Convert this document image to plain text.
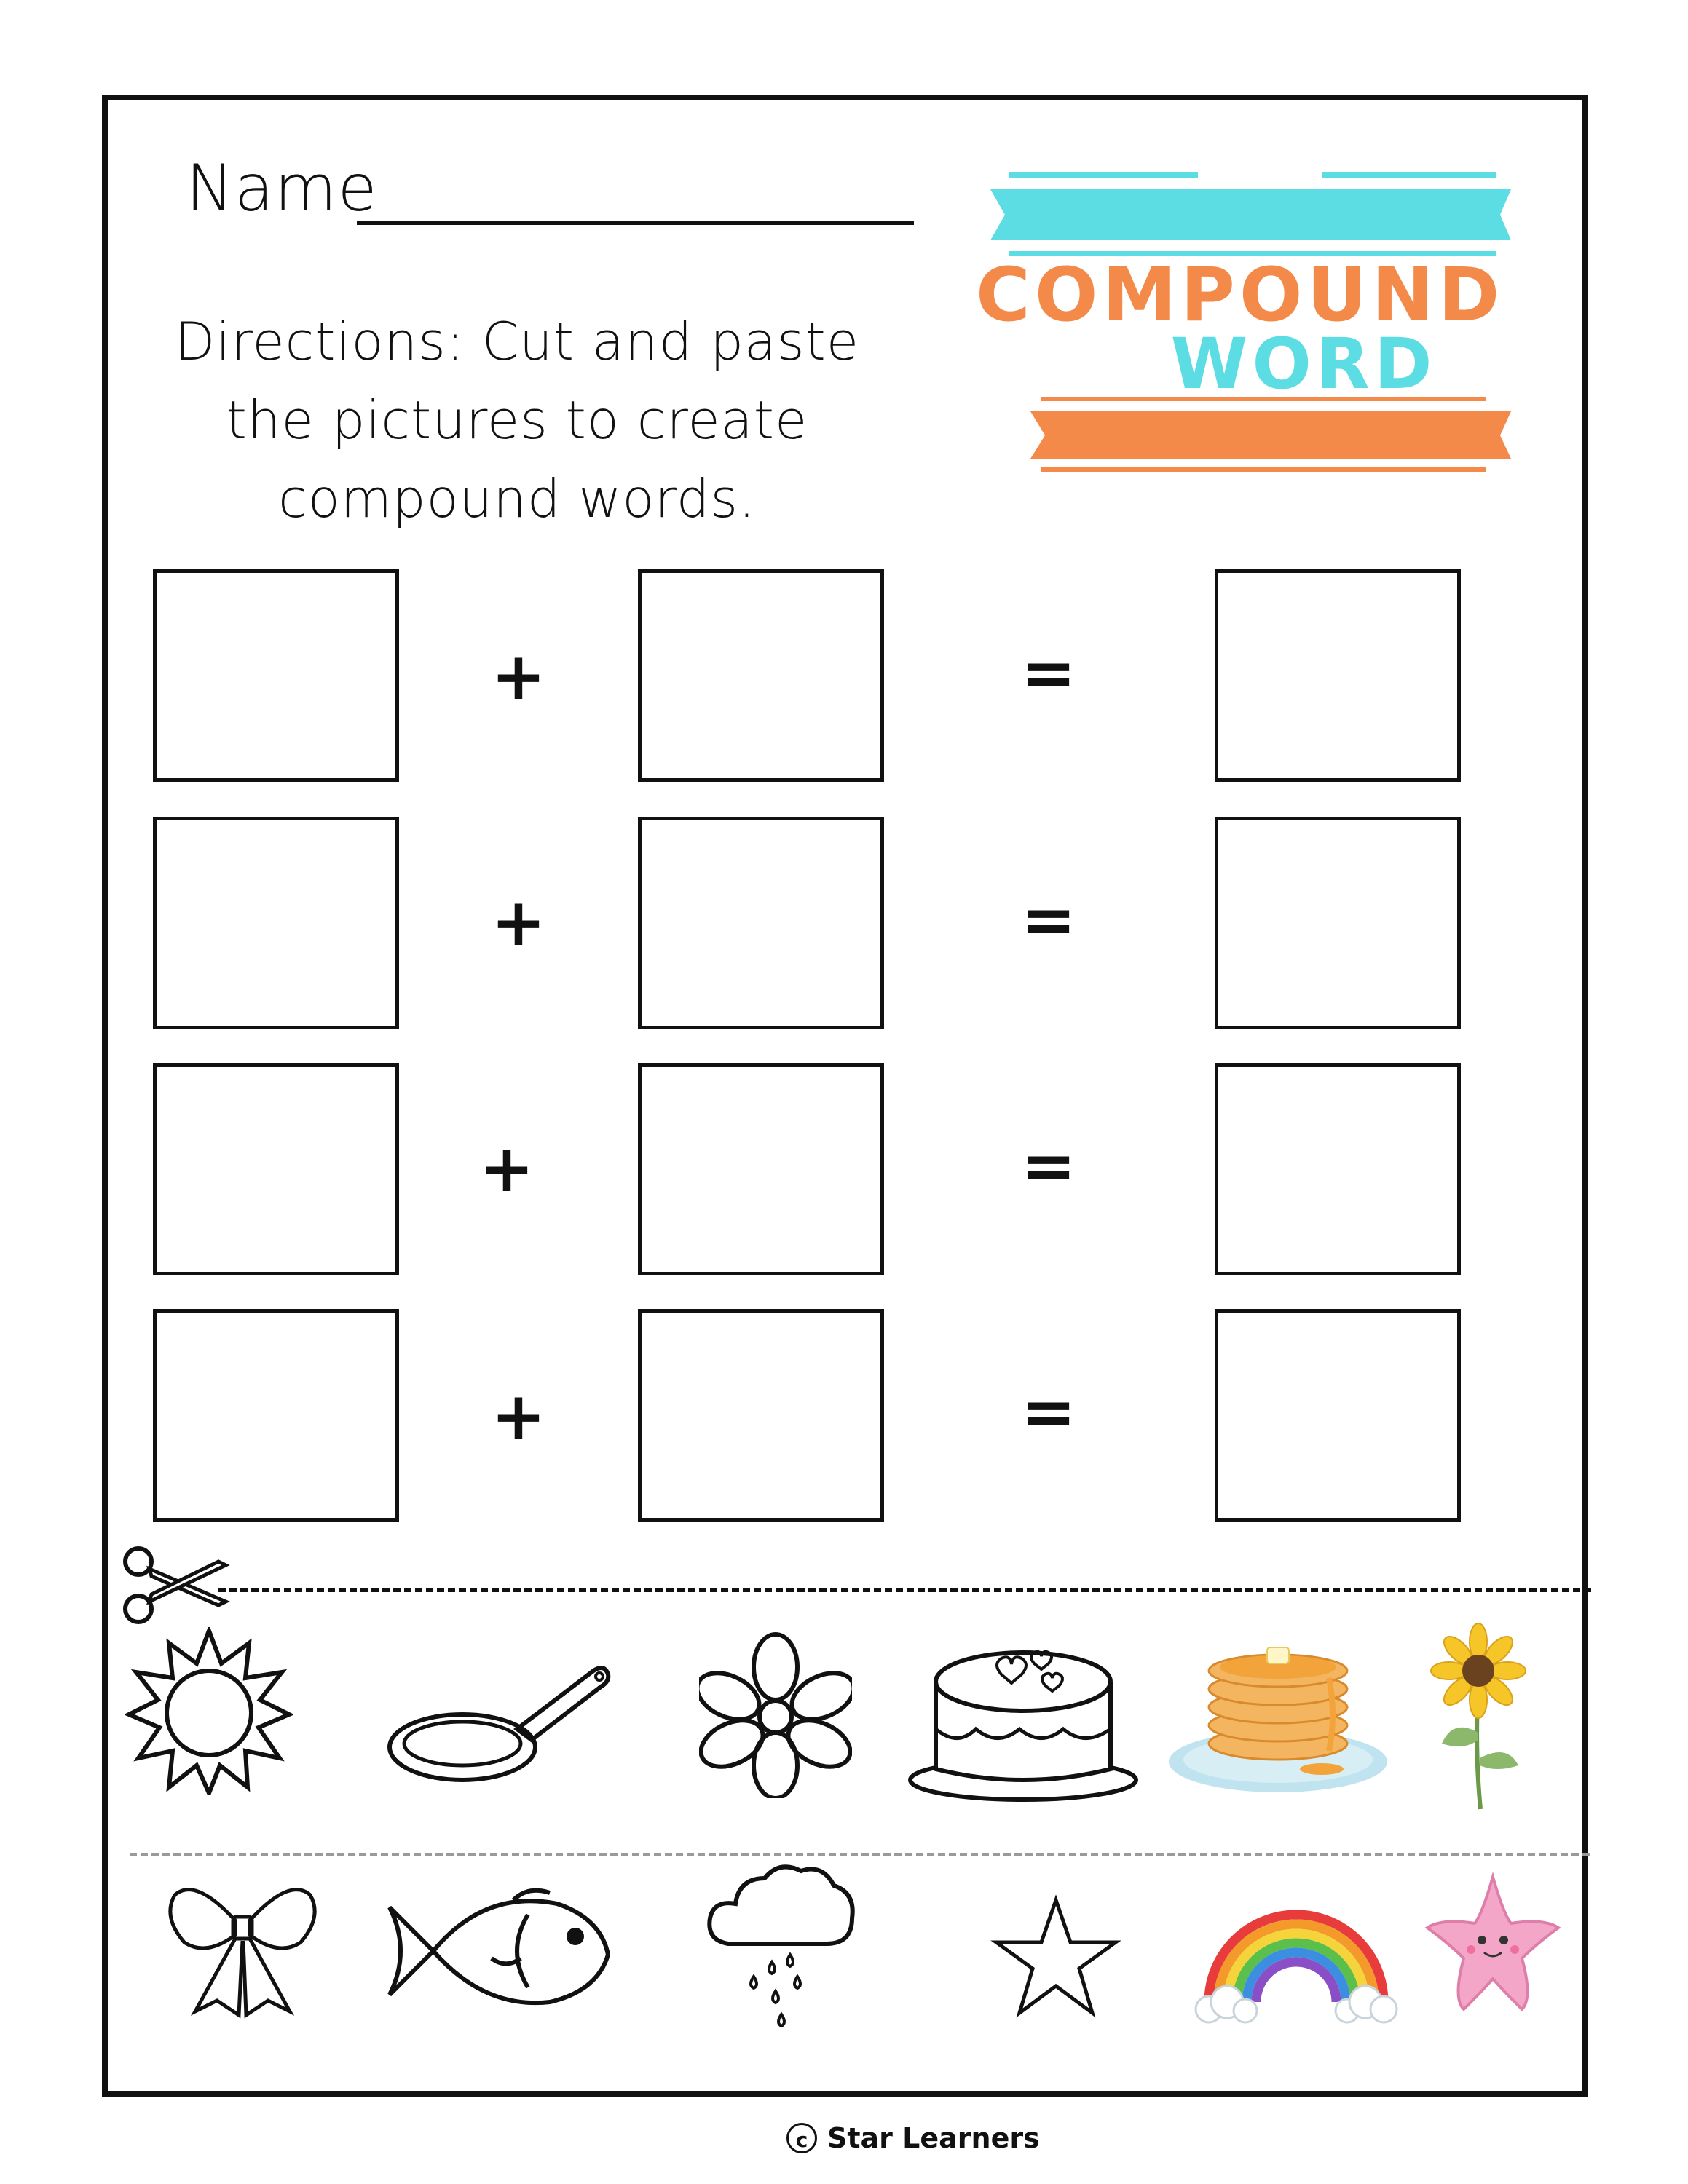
Name
Directions: Cut and paste the pictures to create compound words.
COMPOUND
WORD
+	=
+	=
+	=
+	=
c Star Learners
